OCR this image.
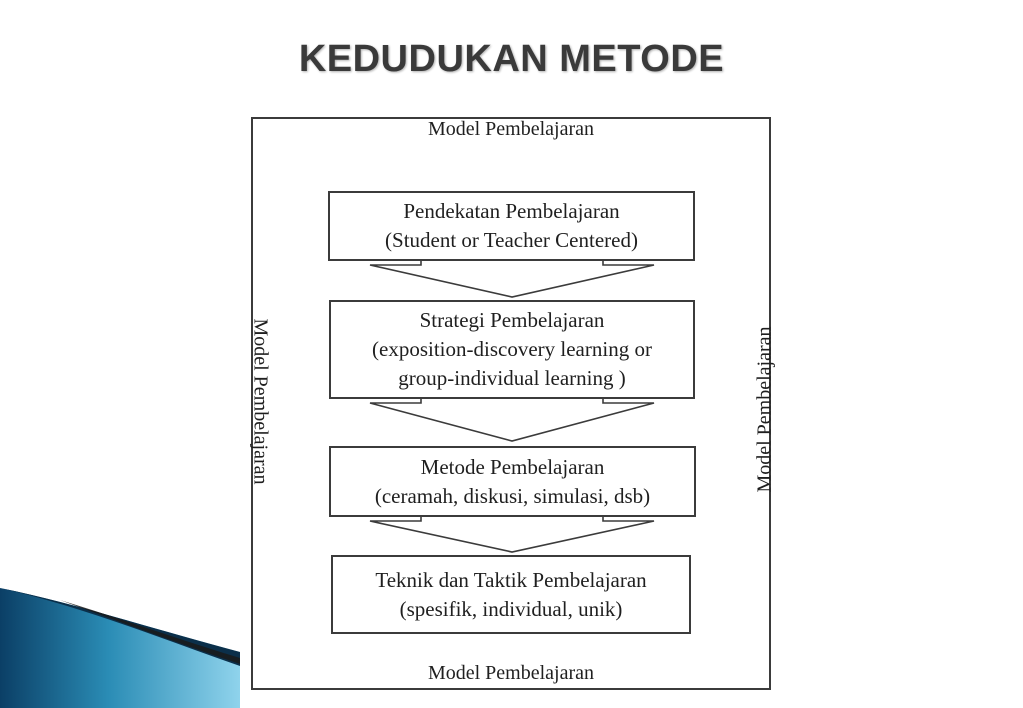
KEDUDUKAN METODE
Model Pembelajaran
Model Pembelajaran
Model Pembelajaran	Model Pembelajaran
Pendekatan Pembelajaran
(Student or Teacher Centered)
Strategi Pembelajaran
(exposition-discovery learning or
group-individual learning )
Metode Pembelajaran
(ceramah, diskusi, simulasi, dsb)
Teknik dan Taktik Pembelajaran
(spesifik, individual, unik)
